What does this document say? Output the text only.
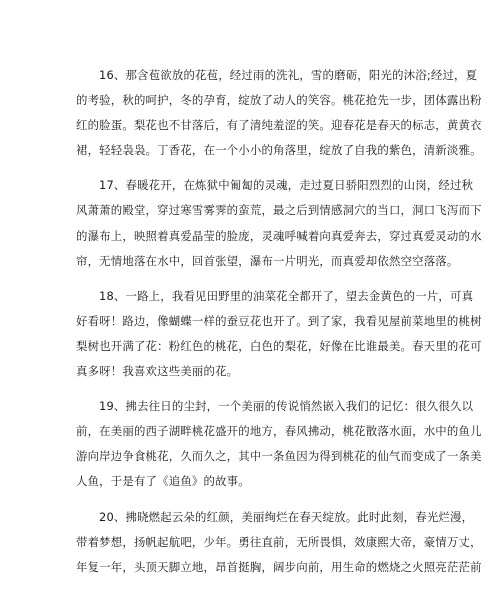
16、那含苞欲放的花苞，经过雨的洗礼，雪的磨砺，阳光的沐浴;经过，夏
的考验，秋的呵护，冬的孕育，绽放了动人的笑容。桃花抢先一步，团体露出粉
红的脸蛋。梨花也不甘落后，有了清纯羞涩的笑。迎春花是春天的标志，黄黄衣
裙，轻轻袅袅。丁香花，在一个小小的角落里，绽放了自我的紫色，清新淡雅。

17、春暖花开，在炼狱中匍匐的灵魂，走过夏日骄阳烈烈的山岗，经过秋
风萧萧的殿堂，穿过寒雪雾霁的蛮荒，最之后到情感洞穴的当口，洞口飞泻而下
的瀑布上，映照着真爱晶莹的脸庞，灵魂呼喊着向真爱奔去，穿过真爱灵动的水
帘，无情地落在水中，回首张望，瀑布一片明光，而真爱却依然空空落落。

18、一路上，我看见田野里的油菜花全都开了，望去金黄色的一片，可真
好看呀！路边，像蝴蝶一样的蚕豆花也开了。到了家，我看见屋前菜地里的桃树
梨树也开满了花：粉红色的桃花，白色的梨花，好像在比谁最美。春天里的花可
真多呀！我喜欢这些美丽的花。

19、拂去往日的尘封，一个美丽的传说悄然嵌入我们的记忆：很久很久以
前，在美丽的西子湖畔桃花盛开的地方，春风拂动，桃花散落水面，水中的鱼儿
游向岸边争食桃花，久而久之，其中一条鱼因为得到桃花的仙气而变成了一条美
人鱼，于是有了《追鱼》的故事。

20、拂晓燃起云朵的红颜，美丽绚烂在春天绽放。此时此刻，春光烂漫，
带着梦想，扬帆起航吧，少年。勇往直前，无所畏惧，效康熙大帝，豪情万丈，
年复一年，头顶天脚立地，昂首挺胸，阔步向前，用生命的燃烧之火照亮茫茫前
